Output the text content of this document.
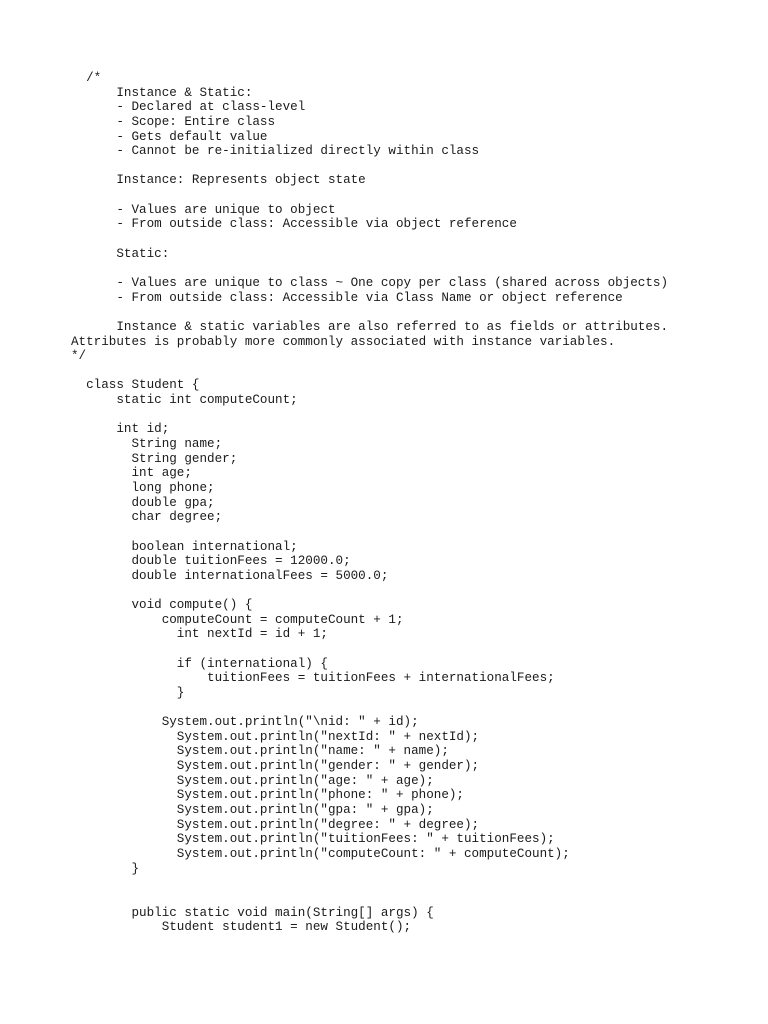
/*
Instance & Static:
- Declared at class-level
- Scope: Entire class
- Gets default value
- Cannot be re-initialized directly within class
Instance: Represents object state
- Values are unique to object
- From outside class: Accessible via object reference
Static:
- Values are unique to class ~ One copy per class (shared across objects)
- From outside class: Accessible via Class Name or object reference
Instance & static variables are also referred to as fields or attributes.
Attributes is probably more commonly associated with instance variables.
*/
class Student {
static int computeCount;
int id;
String name;
String gender;
int age;
long phone;
double gpa;
char degree;
boolean international;
double tuitionFees = 12000.0;
double internationalFees = 5000.0;
void compute() {
computeCount = computeCount + 1;
int nextId = id + 1;
if (international) {
tuitionFees = tuitionFees + internationalFees;
}
System.out.println("\nid: " + id);
System.out.println("nextId: " + nextId);
System.out.println("name: " + name);
System.out.println("gender: " + gender);
System.out.println("age: " + age);
System.out.println("phone: " + phone);
System.out.println("gpa: " + gpa);
System.out.println("degree: " + degree);
System.out.println("tuitionFees: " + tuitionFees);
System.out.println("computeCount: " + computeCount);
}
public static void main(String[] args) {
Student student1 = new Student();
